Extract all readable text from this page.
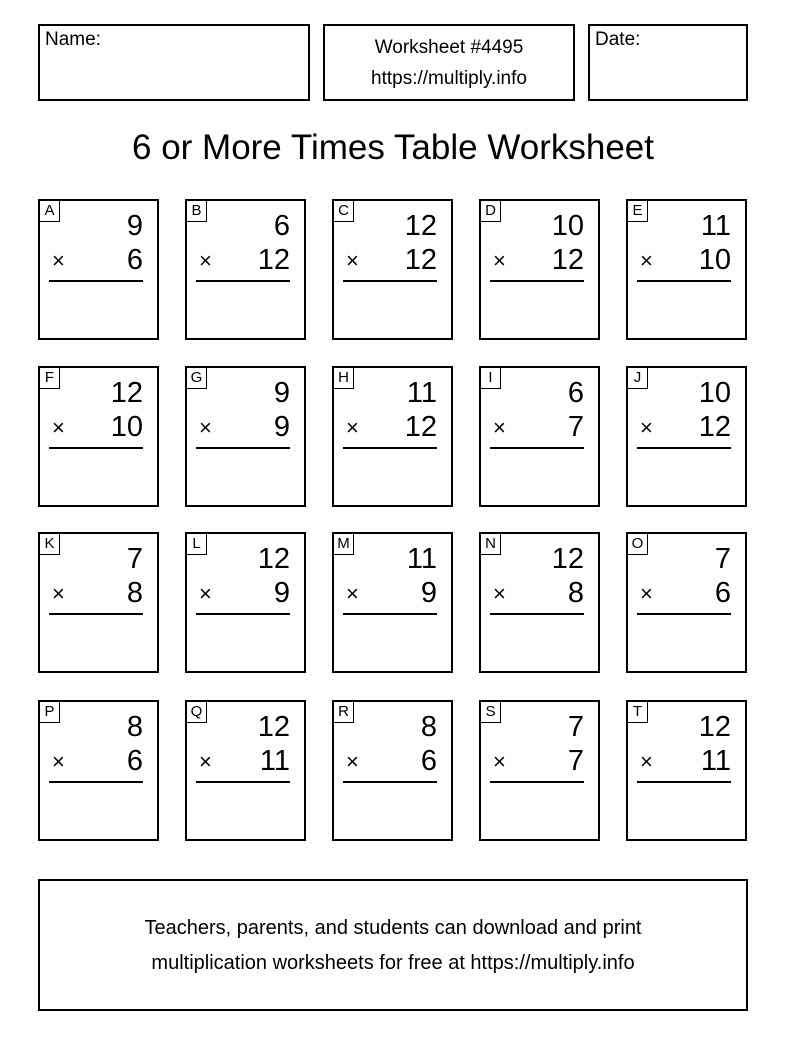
Name:	Worksheet #4495
https://multiply.info
Date:
6 or More Times Table Worksheet
A 9
× 6
B 6
× 12
C 12
× 12
D 10
× 12
E 11
× 10
F 12
× 10
G 9
× 9
H 11
× 12
I	6
× 7
J 10
× 12
K 7
× 8
L 12
× 9
M 11
× 9
N 12
× 8
O 7
× 6
P 8
× 6
Q 12
× 11
R 8
× 6
S 7
× 7
T 12
× 11
Teachers, parents, and students can download and print
multiplication worksheets for free at https://multiply.info
